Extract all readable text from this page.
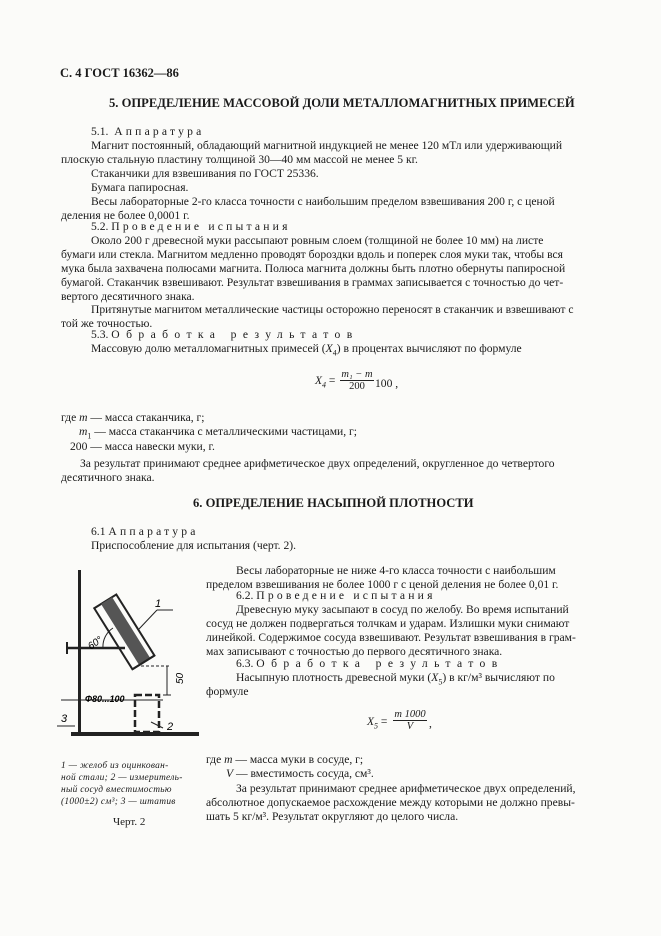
С. 4 ГОСТ 16362—86
5. ОПРЕДЕЛЕНИЕ МАССОВОЙ ДОЛИ МЕТАЛЛОМАГНИТНЫХ ПРИМЕСЕЙ
5.1. Аппаратура
Магнит постоянный, обладающий магнитной индукцией не менее 120 мТл или удерживающий
плоскую стальную пластину толщиной 30—40 мм массой не менее 5 кг.
Стаканчики для взвешивания по ГОСТ 25336.
Бумага папиросная.
Весы лабораторные 2-го класса точности с наибольшим пределом взвешивания 200 г, с ценой
деления не более 0,0001 г.
5.2. Проведение испытания
Около 200 г древесной муки рассыпают ровным слоем (толщиной не более 10 мм) на листе
бумаги или стекла. Магнитом медленно проводят бороздки вдоль и поперек слоя муки так, чтобы вся
мука была захвачена полюсами магнита. Полюса магнита должны быть плотно обернуты папиросной
бумагой. Стаканчик взвешивают. Результат взвешивания в граммах записывается с точностью до чет-
вертого десятичного знака.
Притянутые магнитом металлические частицы осторожно переносят в стаканчик и взвешивают с
той же точностью.
5.3. Обработка результатов
Массовую долю металломагнитных примесей $(X_4)$ в процентах вычисляют по формуле
$X_4 = \frac{\text{m₁ − m}}{200} 100$ ,
где m — масса стаканчика, г;
$m_1$ — масса стаканчика с металлическими частицами, г;
200 — масса навески муки, г.
За результат принимают среднее арифметическое двух определений, округленное до четвертого
десятичного знака.
6. ОПРЕДЕЛЕНИЕ НАСЫПНОЙ ПЛОТНОСТИ
6.1 Аппаратура
Приспособление для испытания (черт. 2).
Весы лабораторные не ниже 4-го класса точности с наибольшим
пределом взвешивания не более 1000 г с ценой деления не более 0,01 г.
6.2. Проведение испытания
Древесную муку засыпают в сосуд по желобу. Во время испытаний
сосуд не должен подвергаться толчкам и ударам. Излишки муки снимают
линейкой. Содержимое сосуда взвешивают. Результат взвешивания в грам-
мах записывают с точностью до первого десятичного знака.
6.3. Обработка результатов
Насыпную плотность древесной муки $(X_5)$ в кг/м³ вычисляют по
формуле
$X_5 = \frac{m 1000}{V}$ ,
где m — масса муки в сосуде, г;
V — вместимость сосуда, см³.
За результат принимают среднее арифметическое двух определений,
абсолютное допускаемое расхождение между которыми не должно превы-
шать 5 кг/м³. Результат округляют до целого числа.
60°
50
Ф80...100
1
2
3
1 — желоб из оцинкован-
ной стали; 2 — измеритель-
ный сосуд вместимостью
(1000±2) см³; 3 — штатив
Черт. 2
